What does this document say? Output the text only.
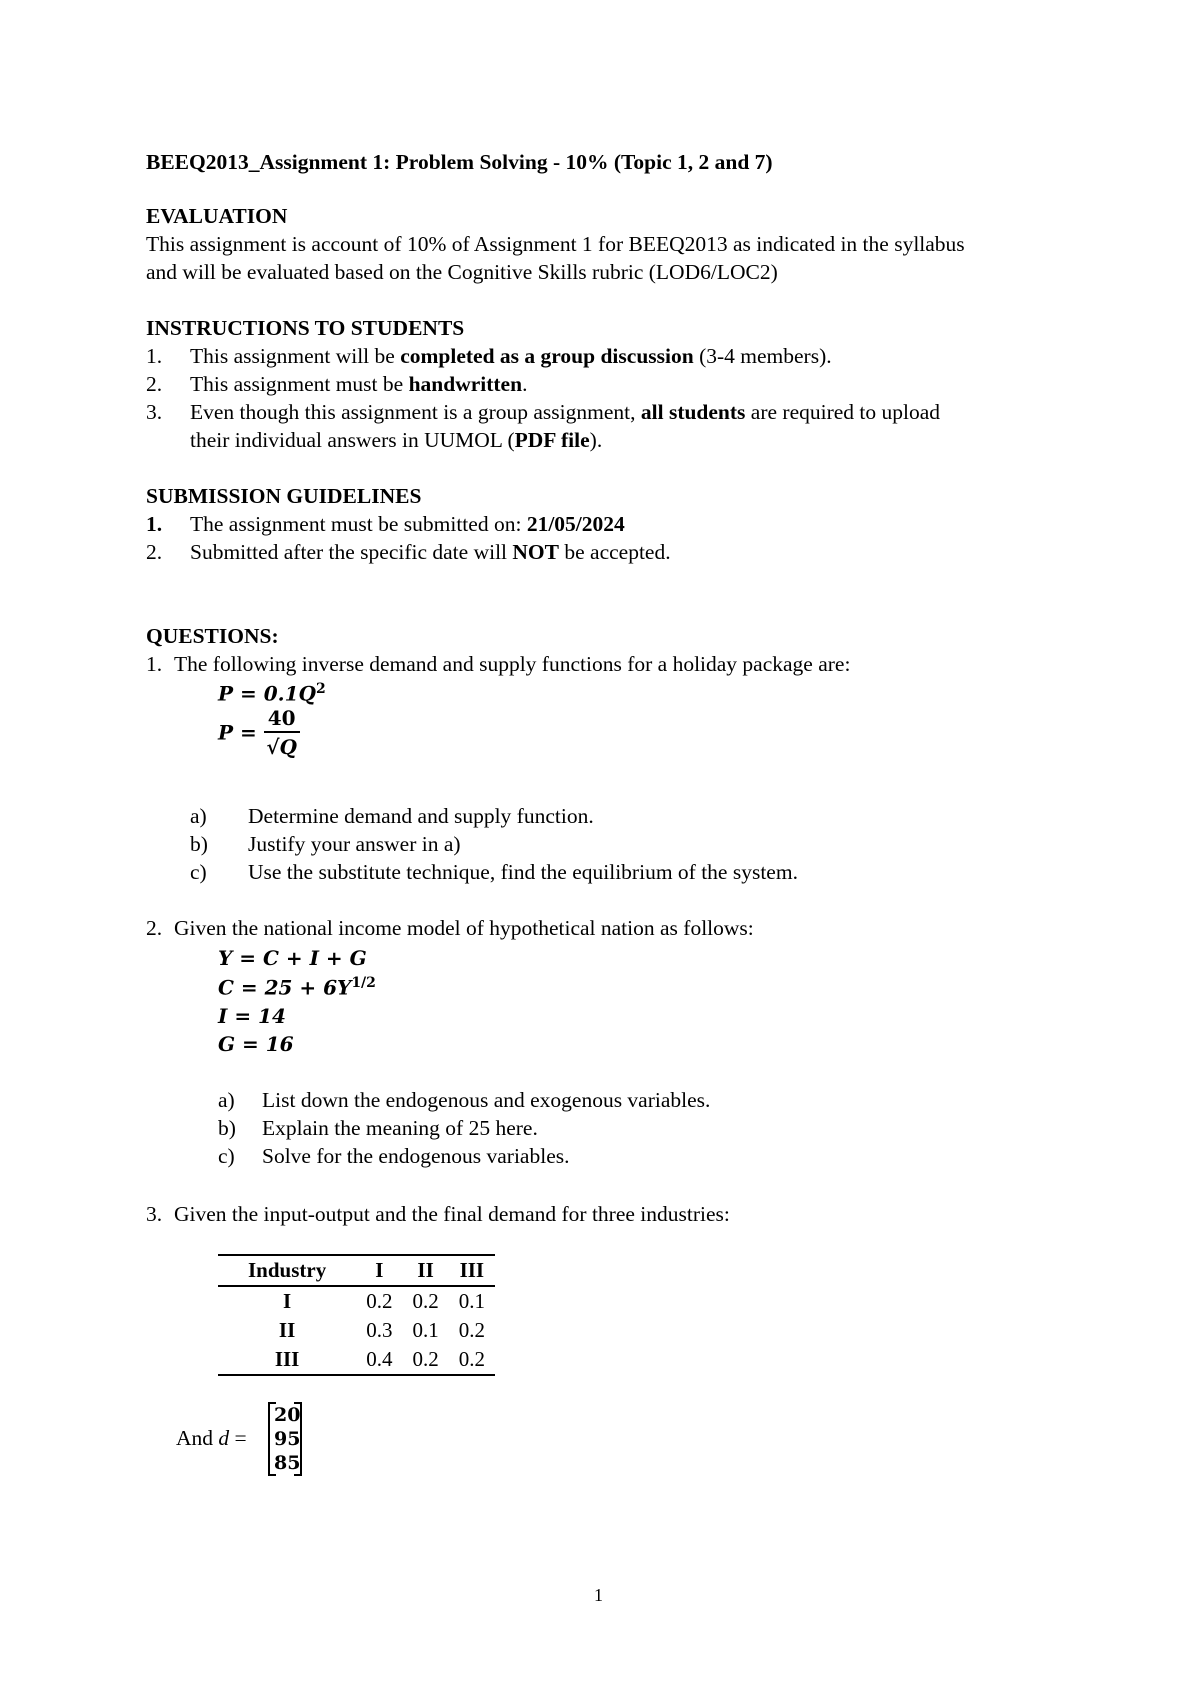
BEEQ2013_Assignment 1: Problem Solving - 10% (Topic 1, 2 and 7)
EVALUATION
This assignment is account of 10% of Assignment 1 for BEEQ2013 as indicated in the syllabus
and will be evaluated based on the Cognitive Skills rubric (LOD6/LOC2)
INSTRUCTIONS TO STUDENTS
1. This assignment will be completed as a group discussion (3-4 members).
2. This assignment must be handwritten.
3. Even though this assignment is a group assignment, all students are required to upload
their individual answers in UUMOL (PDF file).
SUBMISSION GUIDELINES
1. The assignment must be submitted on: 21/05/2024
2. Submitted after the specific date will NOT be accepted.
QUESTIONS:
1. The following inverse demand and supply functions for a holiday package are:
$P = 0.1Q^2$
$P = \frac{40}{√Q}$
a) Determine demand and supply function.
b) Justify your answer in a)
c) Use the substitute technique, find the equilibrium of the system.
2. Given the national income model of hypothetical nation as follows:
Y = C + I + G
$C = 25 + 6Y^{1/2}$
I = 14
G = 16
a) List down the endogenous and exogenous variables.
b) Explain the meaning of 25 here.
c) Solve for the endogenous variables.
3. Given the input-output and the final demand for three industries:
Industry	I	II	III
I	0.2	0.2	0.1
II	0.3	0.1	0.2
III	0.4	0.2	0.2
And d =
20
95
85
1
